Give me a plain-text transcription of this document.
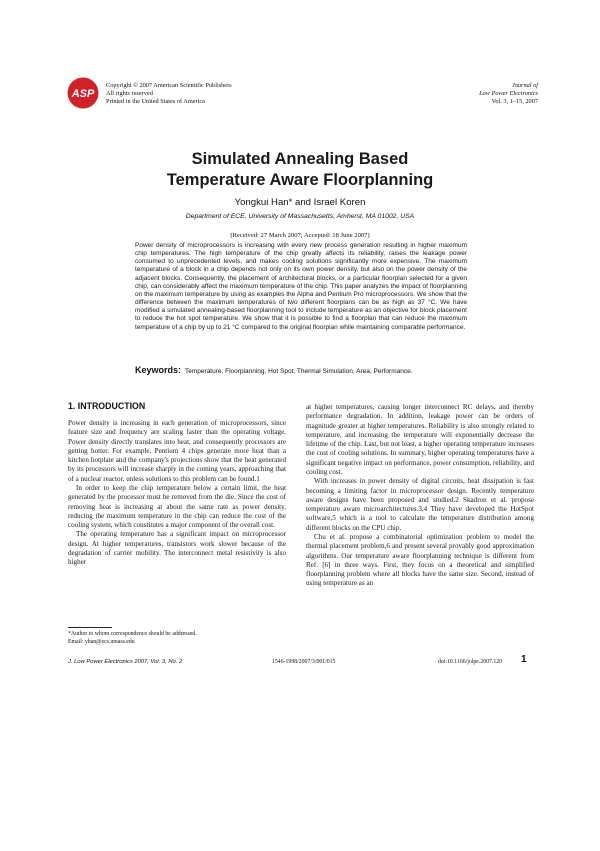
ASP
Copyright © 2007 American Scientific Publishers
All rights reserved
Printed in the United States of America
Journal of
Low Power Electronics
Vol. 3, 1–15, 2007
Simulated Annealing Based
Temperature Aware Floorplanning
Yongkui Han* and Israel Koren
Department of ECE, University of Massachusetts, Amherst, MA 01002, USA
(Received: 27 March 2007; Accepted: 18 June 2007)
Power density of microprocessors is increasing with every new process generation resulting in higher maximum chip temperatures. The high temperature of the chip greatly affects its reliability, raises the leakage power consumed to unprecedented levels, and makes cooling solutions significantly more expensive. The maximum temperature of a block in a chip depends not only on its own power density, but also on the power density of the adjacent blocks. Consequently, the placement of architectural blocks, or a particular floorplan selected for a given chip, can considerably affect the maximum temperature of the chip. This paper analyzes the impact of floorplanning on the maximum temperature by using as examples the Alpha and Pentium Pro microprocessors. We show that the difference between the maximum temperatures of two different floorplans can be as high as 37 °C. We have modified a simulated annealing-based floorplanning tool to include temperature as an objective for block placement to reduce the hot spot temperature. We show that it is possible to find a floorplan that can reduce the maximum temperature of a chip by up to 21 °C compared to the original floorplan while maintaining comparable performance.
Keywords: Temperature, Floorplanning, Hot Spot, Thermal Simulation, Area, Performance.
1. INTRODUCTION

Power density is increasing in each generation of microprocessors, since feature size and frequency are scaling faster than the operating voltage. Power density directly translates into heat, and consequently processors are getting hotter. For example, Pentium 4 chips generate more heat than a kitchen hotplate and the company's projections show that the heat generated by its processors will increase sharply in the coming years, approaching that of a nuclear reactor, unless solutions to this problem can be found.1

In order to keep the chip temperature below a certain limit, the heat generated by the processor must be removed from the die. Since the cost of removing heat is increasing at about the same rate as power density, reducing the maximum temperature in the chip can reduce the cost of the cooling system, which constitutes a major component of the overall cost.

The operating temperature has a significant impact on microprocessor design. At higher temperatures, transistors work slower because of the degradation of carrier mobility. The interconnect metal resistivity is also higher

at higher temperatures, causing longer interconnect RC delays, and thereby performance degradation. In addition, leakage power can be orders of magnitude greater at higher temperatures. Reliability is also strongly related to temperature, and increasing the temperature will exponentially decrease the lifetime of the chip. Last, but not least, a higher operating temperature increases the cost of cooling solutions. In summary, higher operating temperatures have a significant negative impact on performance, power consumption, reliability, and cooling cost.

With increases in power density of digital circuits, heat dissipation is fast becoming a limiting factor in microprocessor design. Recently temperature aware designs have been proposed and studied.2 Skadron et al. propose temperature aware microarchitectures.3,4 They have developed the HotSpot software,5 which is a tool to calculate the temperature distribution among different blocks on the CPU chip.

Chu et al. propose a combinatorial optimization problem to model the thermal placement problem,6 and present several provably good approximation algorithms. Our temperature aware floorplanning technique is different from Ref. [6] in three ways. First, they focus on a theoretical and simplified floorplanning problem where all blocks have the same size. Second, instead of using temperature as an

*Author to whom correspondence should be addressed.
Email: yhan@ecs.umass.edu
J. Low Power Electronics 2007, Vol. 3, No. 2	1546-1998/2007/3/001/015	doi:10.1166/jolpe.2007.120 1
